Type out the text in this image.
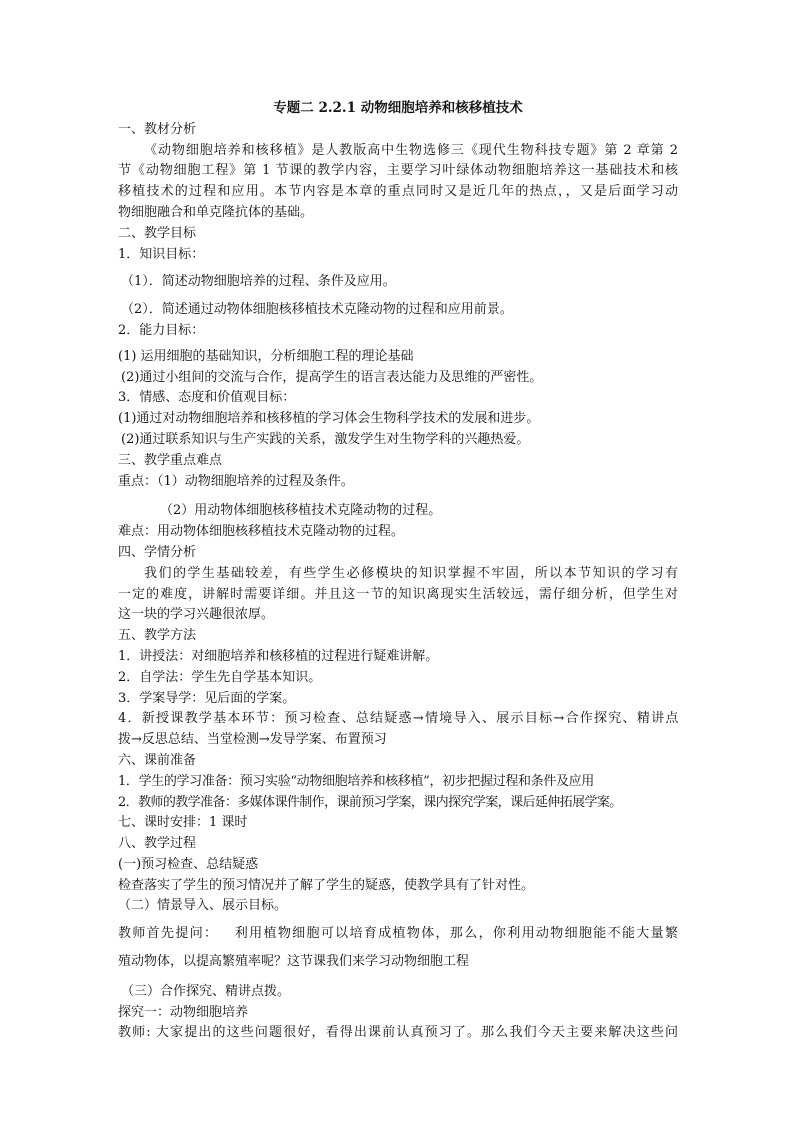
专题二 2.2.1 动物细胞培养和核移植技术
一、教材分析
《动物细胞培养和核移植》是人教版高中生物选修三《现代生物科技专题》第 2 章第 2
节《动物细胞工程》第 1 节课的教学内容，主要学习叶绿体动物细胞培养这一基础技术和核
移植技术的过程和应用。本节内容是本章的重点同时又是近几年的热点，，又是后面学习动
物细胞融合和单克隆抗体的基础。
二、教学目标
1．知识目标：
（1）．简述动物细胞培养的过程、条件及应用。
（2）．简述通过动物体细胞核移植技术克隆动物的过程和应用前景。
2．能力目标：
(1) 运用细胞的基础知识，分析细胞工程的理论基础
(2)通过小组间的交流与合作，提高学生的语言表达能力及思维的严密性。
3．情感、态度和价值观目标：
(1)通过对动物细胞培养和核移植的学习体会生物科学技术的发展和进步。
(2)通过联系知识与生产实践的关系，激发学生对生物学科的兴趣热爱。
三、教学重点难点
重点：（1）动物细胞培养的过程及条件。
（2）用动物体细胞核移植技术克隆动物的过程。
难点：用动物体细胞核移植技术克隆动物的过程。
四、学情分析
我们的学生基础较差，有些学生必修模块的知识掌握不牢固，所以本节知识的学习有
一定的难度，讲解时需要详细。并且这一节的知识离现实生活较远，需仔细分析，但学生对
这一块的学习兴趣很浓厚。
五、教学方法
1．讲授法：对细胞培养和核移植的过程进行疑难讲解。
2．自学法：学生先自学基本知识。
3．学案导学：见后面的学案。
4．新授课教学基本环节：预习检查、总结疑惑→情境导入、展示目标→合作探究、精讲点
拨→反思总结、当堂检测→发导学案、布置预习
六、课前准备
1．学生的学习准备：预习实验“动物细胞培养和核移植”，初步把握过程和条件及应用
2．教师的教学准备：多媒体课件制作，课前预习学案，课内探究学案，课后延伸拓展学案。
七、课时安排：1 课时
八、教学过程
(一)预习检查、总结疑惑
检查落实了学生的预习情况并了解了学生的疑惑，使教学具有了针对性。
（二）情景导入、展示目标。
教师首先提问：   利用植物细胞可以培育成植物体，那么，你利用动物细胞能不能大量繁
殖动物体，以提高繁殖率呢？这节课我们来学习动物细胞工程
（三）合作探究、精讲点拨。
探究一：动物细胞培养
教师: 大家提出的这些问题很好，看得出课前认真预习了。那么我们今天主要来解决这些问
